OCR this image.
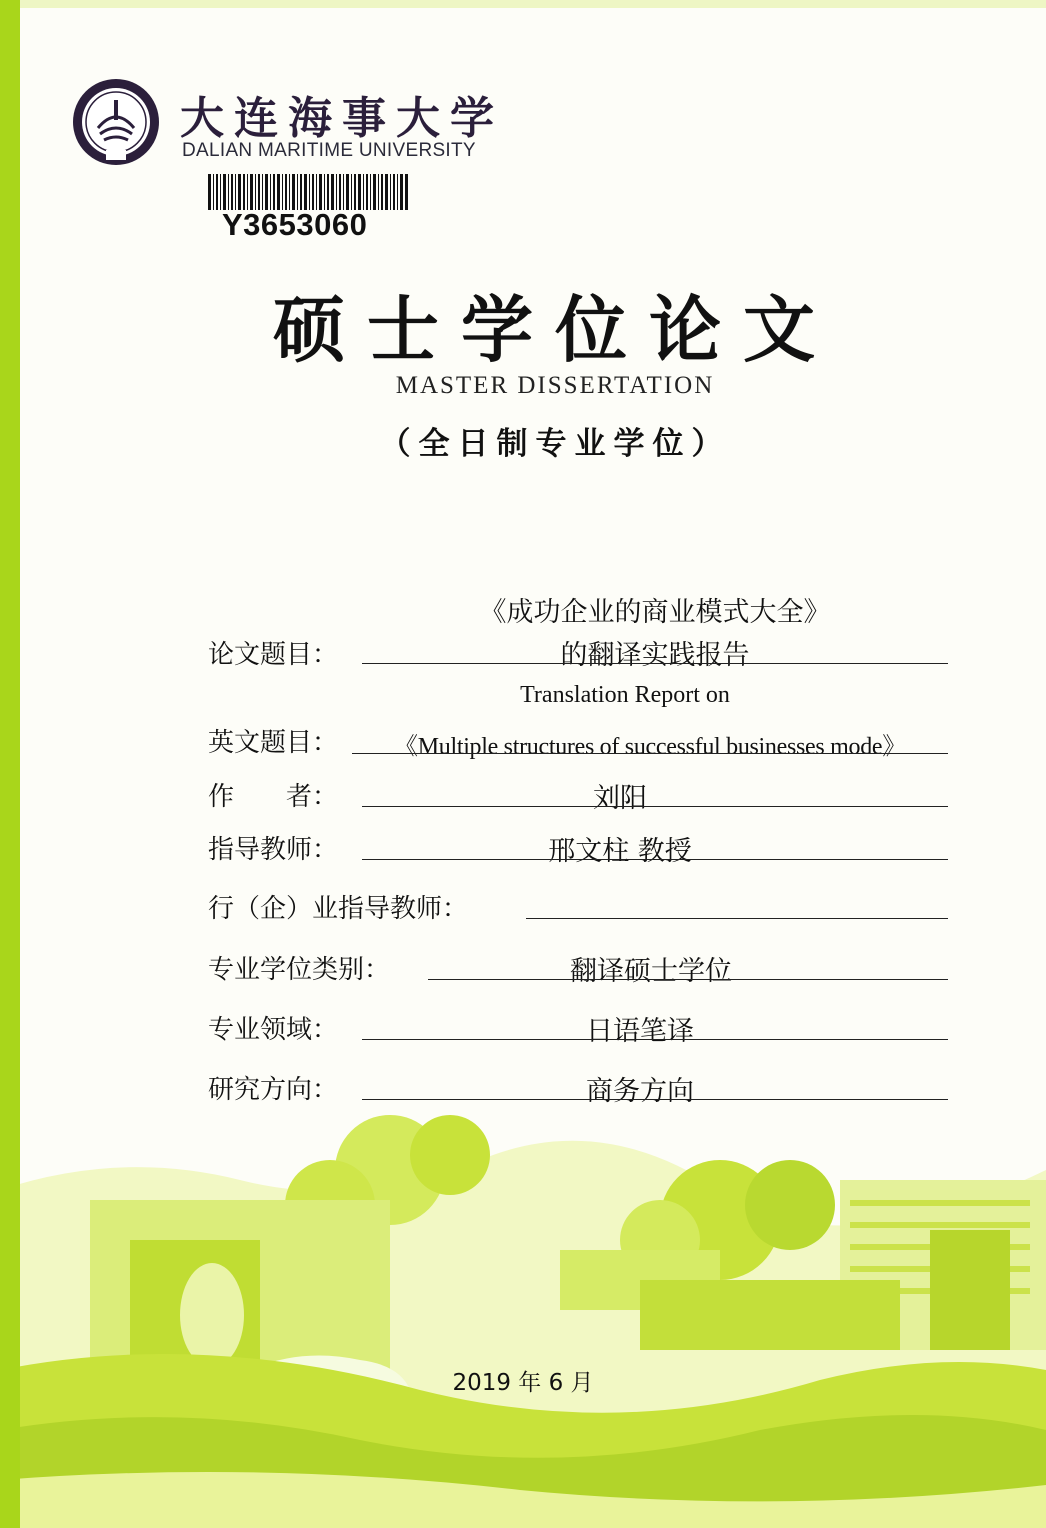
大连海事大学
DALIAN MARITIME UNIVERSITY
Y3653060
硕士学位论文
MASTER DISSERTATION
（全日制专业学位）
《成功企业的商业模式大全》
论文题目：	的翻译实践报告
Translation Report on
英文题目：	《Multiple structures of successful businesses mode》
作　　者：	刘阳
指导教师：	邢文柱 教授
行（企）业指导教师：
专业学位类别：	翻译硕士学位
专业领域：	日语笔译
研究方向：	商务方向
2019 年 6 月
